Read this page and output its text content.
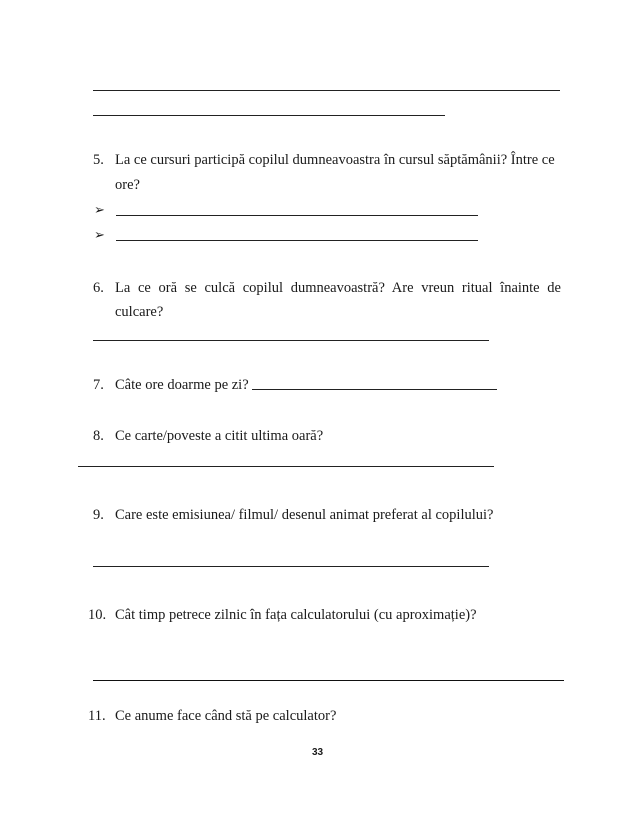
5. La ce cursuri participă copilul dumneavoastra în cursul săptămânii? Între ce
ore?
➢
➢
6. La ce oră se culcă copilul dumneavoastră? Are vreun ritual înainte de
culcare?
7. Câte ore doarme pe zi?
8. Ce carte/poveste a citit ultima oară?
9. Care este emisiunea/ filmul/ desenul animat preferat al copilului?
10. Cât timp petrece zilnic în fața calculatorului (cu aproximație)?
11. Ce anume face când stă pe calculator?
33
